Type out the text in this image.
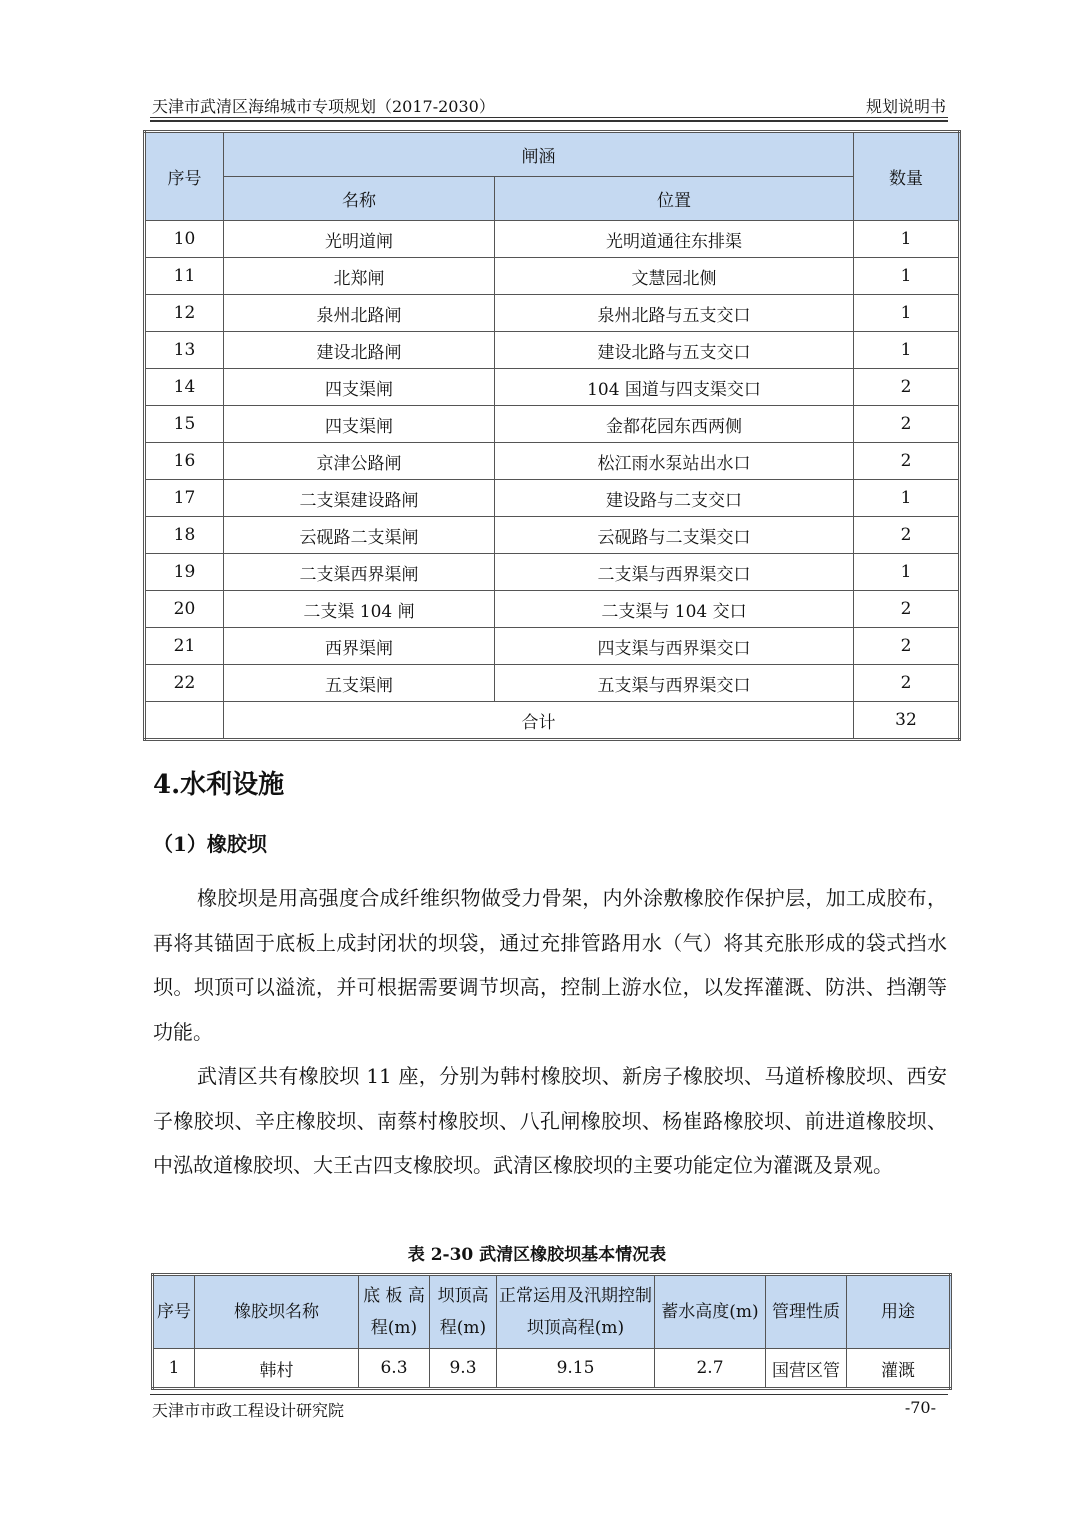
天津市武清区海绵城市专项规划（2017-2030）	规划说明书
序号	闸涵		数量
	名称	位置	
10	光明道闸	光明道通往东排渠	1
11	北郑闸	文慧园北侧	1
12	泉州北路闸	泉州北路与五支交口	1
13	建设北路闸	建设北路与五支交口	1
14	四支渠闸	104 国道与四支渠交口	2
15	四支渠闸	金都花园东西两侧	2
16	京津公路闸	松江雨水泵站出水口	2
17	二支渠建设路闸	建设路与二支交口	1
18	云砚路二支渠闸	云砚路与二支渠交口	2
19	二支渠西界渠闸	二支渠与西界渠交口	1
20	二支渠 104 闸	二支渠与 104 交口	2
21	西界渠闸	四支渠与西界渠交口	2
22	五支渠闸	五支渠与西界渠交口	2
	合计		32
4.水利设施
（1）橡胶坝

橡胶坝是用高强度合成纤维织物做受力骨架，内外涂敷橡胶作保护层，加工成胶布，再将其锚固于底板上成封闭状的坝袋，通过充排管路用水（气）将其充胀形成的袋式挡水坝。坝顶可以溢流，并可根据需要调节坝高，控制上游水位，以发挥灌溉、防洪、挡潮等功能。

武清区共有橡胶坝 11 座，分别为韩村橡胶坝、新房子橡胶坝、马道桥橡胶坝、西安子橡胶坝、辛庄橡胶坝、南蔡村橡胶坝、八孔闸橡胶坝、杨崔路橡胶坝、前进道橡胶坝、中泓故道橡胶坝、大王古四支橡胶坝。武清区橡胶坝的主要功能定位为灌溉及景观。

表 2-30 武清区橡胶坝基本情况表
序号	橡胶坝名称	底 板 高程(m)	坝顶高程(m)	正常运用及汛期控制坝顶高程(m)	蓄水高度(m)	管理性质	用途
1	韩村	6.3	9.3	9.15	2.7	国营区管	灌溉
天津市市政工程设计研究院	-70-
